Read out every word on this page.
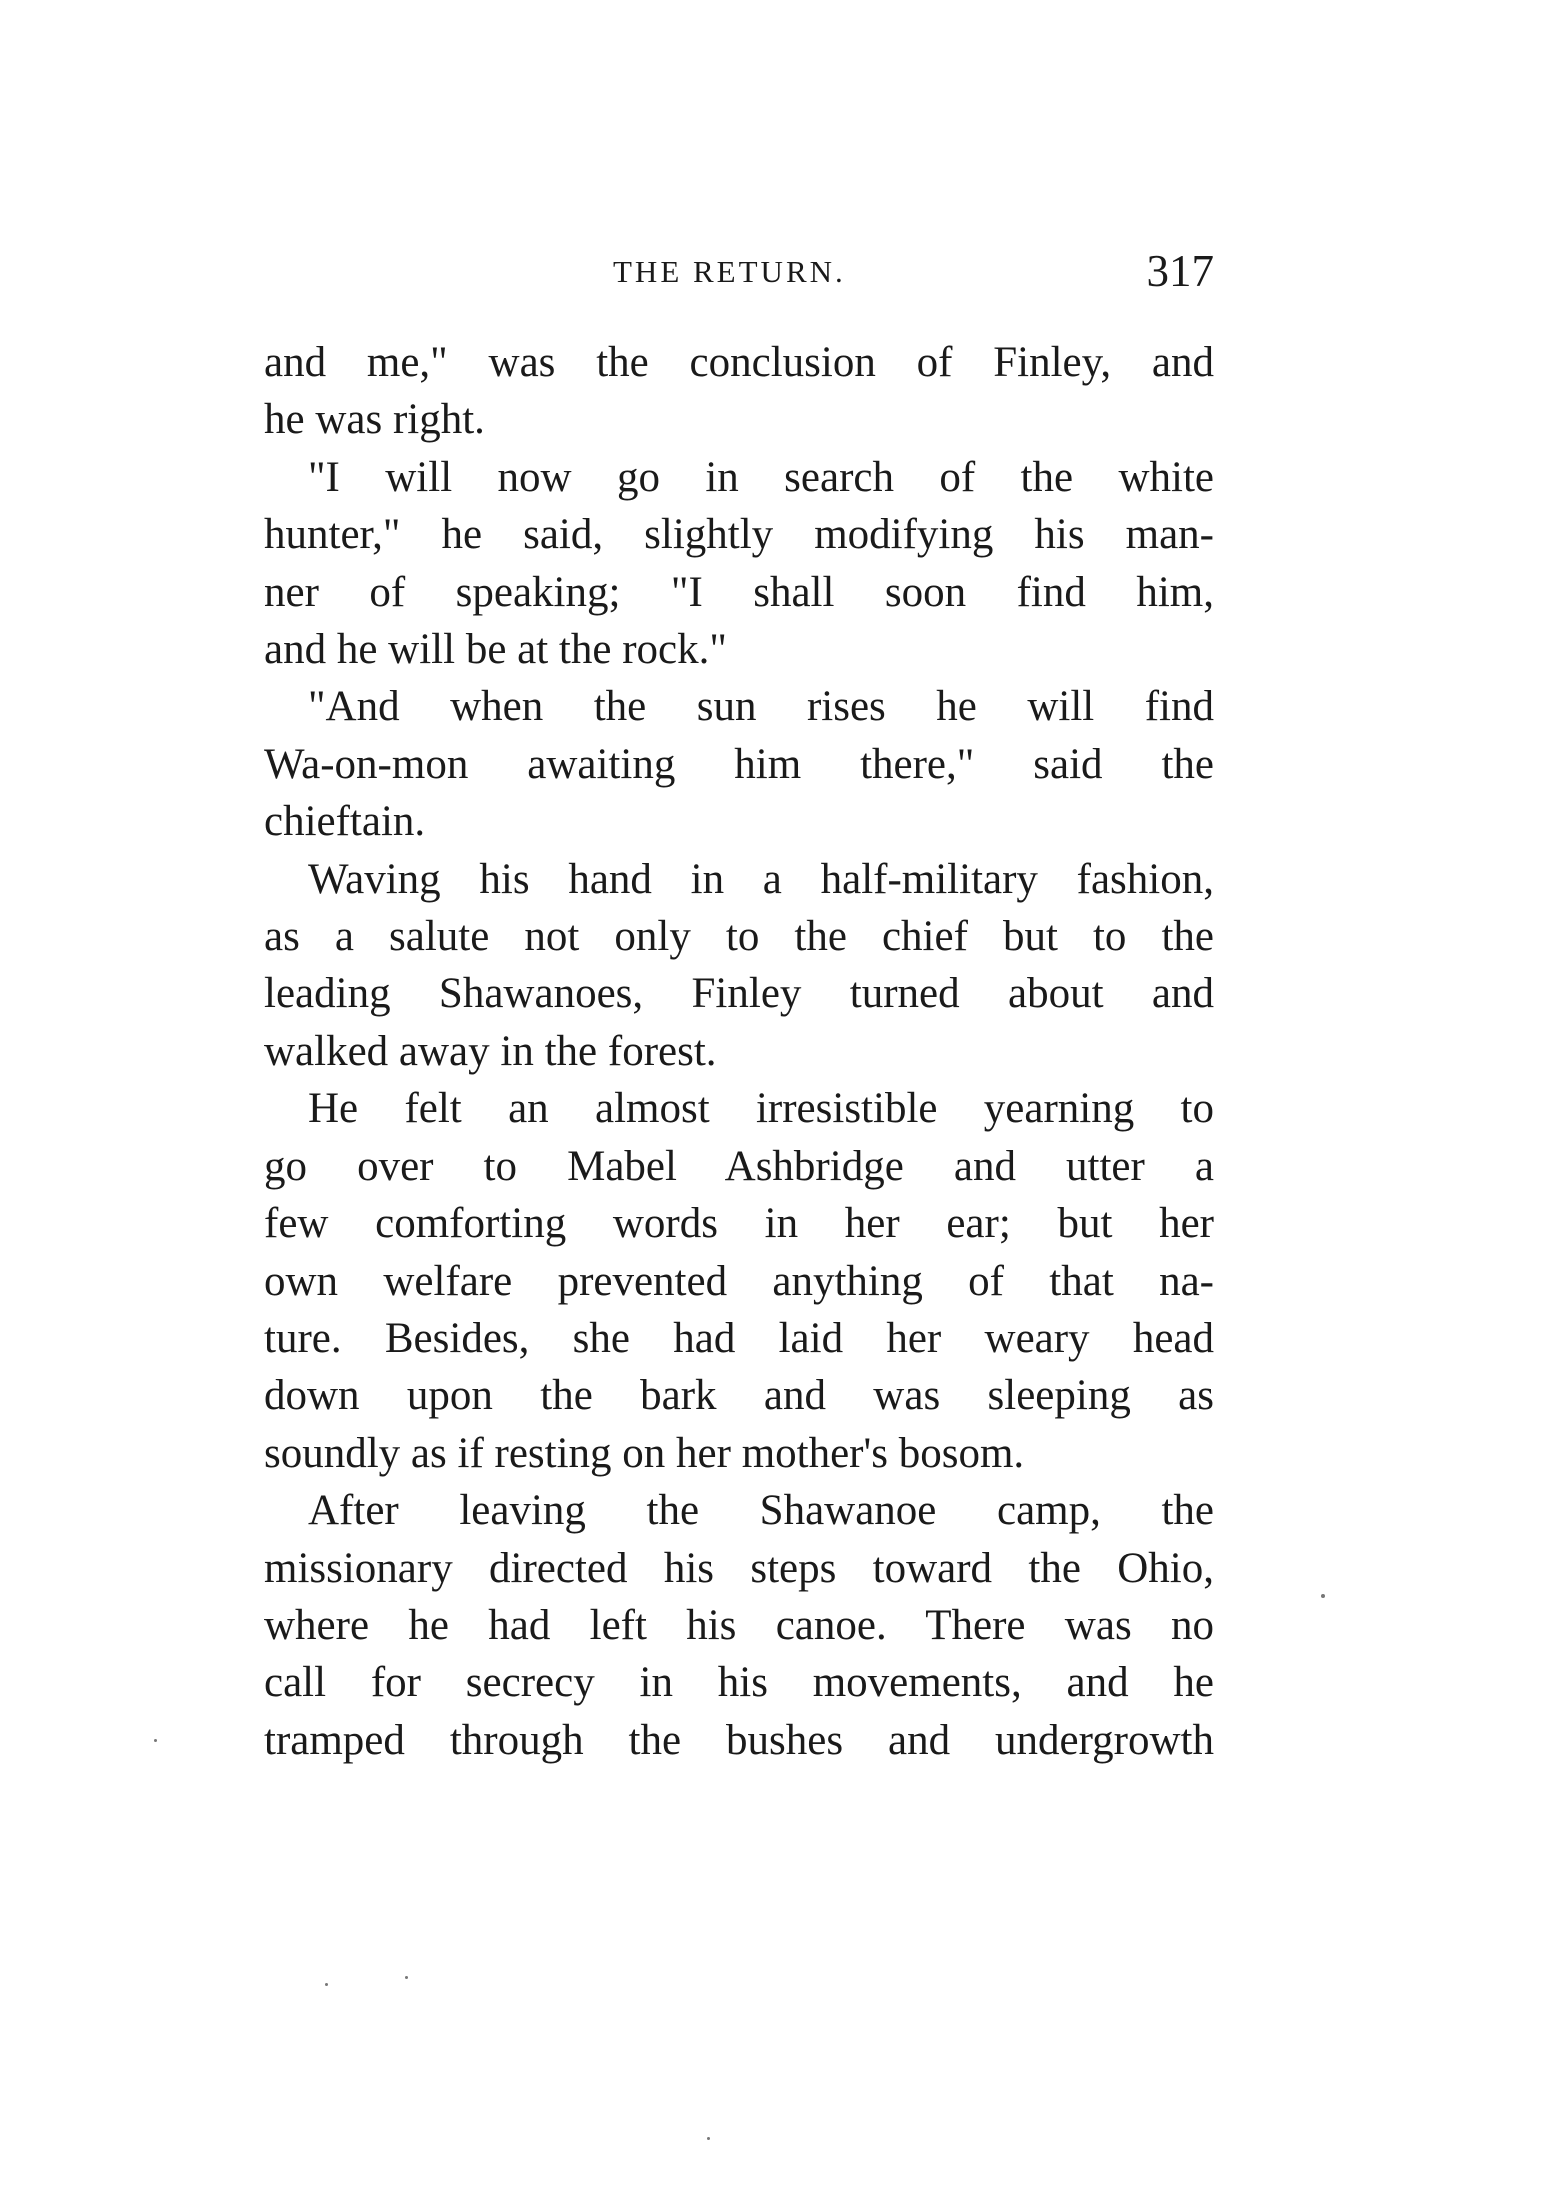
THE RETURN.	317

and me," was the conclusion of Finley, and

he was right.

"I will now go in search of the white

hunter," he said, slightly modifying his man-

ner of speaking; "I shall soon find him,

and he will be at the rock."

"And when the sun rises he will find

Wa-on-mon awaiting him there," said the

chieftain.

Waving his hand in a half-military fashion,

as a salute not only to the chief but to the

leading Shawanoes, Finley turned about and

walked away in the forest.

He felt an almost irresistible yearning to

go over to Mabel Ashbridge and utter a

few comforting words in her ear; but her

own welfare prevented anything of that na-

ture. Besides, she had laid her weary head

down upon the bark and was sleeping as

soundly as if resting on her mother's bosom.

After leaving the Shawanoe camp, the

missionary directed his steps toward the Ohio,

where he had left his canoe. There was no

call for secrecy in his movements, and he

tramped through the bushes and undergrowth
